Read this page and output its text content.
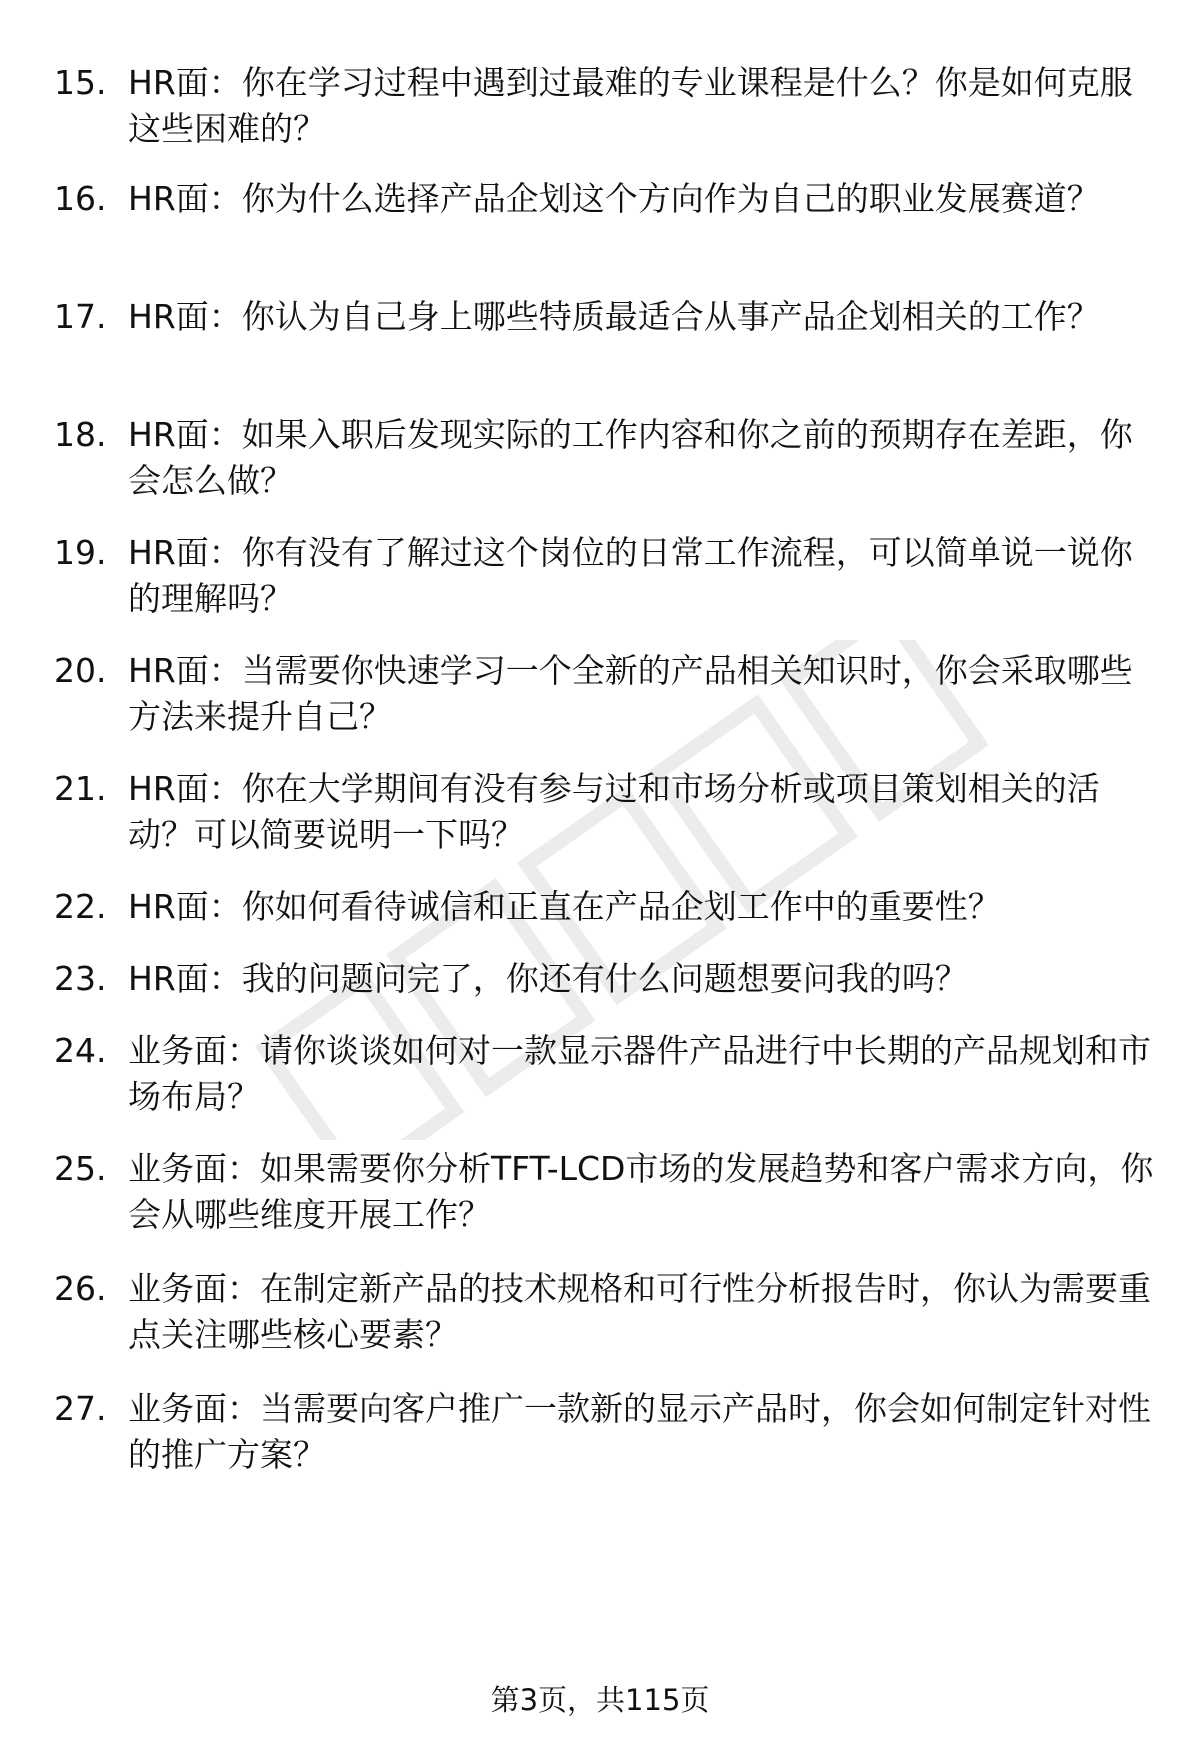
15. HR面：你在学习过程中遇到过最难的专业课程是什么？你是如何克服这些困难的？
16. HR面：你为什么选择产品企划这个方向作为自己的职业发展赛道？
17. HR面：你认为自己身上哪些特质最适合从事产品企划相关的工作？
18. HR面：如果入职后发现实际的工作内容和你之前的预期存在差距，你会怎么做？
19. HR面：你有没有了解过这个岗位的日常工作流程，可以简单说一说你的理解吗？
20. HR面：当需要你快速学习一个全新的产品相关知识时，你会采取哪些方法来提升自己？
21. HR面：你在大学期间有没有参与过和市场分析或项目策划相关的活动？可以简要说明一下吗？
22. HR面：你如何看待诚信和正直在产品企划工作中的重要性？
23. HR面：我的问题问完了，你还有什么问题想要问我的吗？
24. 业务面：请你谈谈如何对一款显示器件产品进行中长期的产品规划和市场布局？
25. 业务面：如果需要你分析TFT-LCD市场的发展趋势和客户需求方向，你会从哪些维度开展工作？
26. 业务面：在制定新产品的技术规格和可行性分析报告时，你认为需要重点关注哪些核心要素？
27. 业务面：当需要向客户推广一款新的显示产品时，你会如何制定针对性的推广方案？
第3页，共115页
